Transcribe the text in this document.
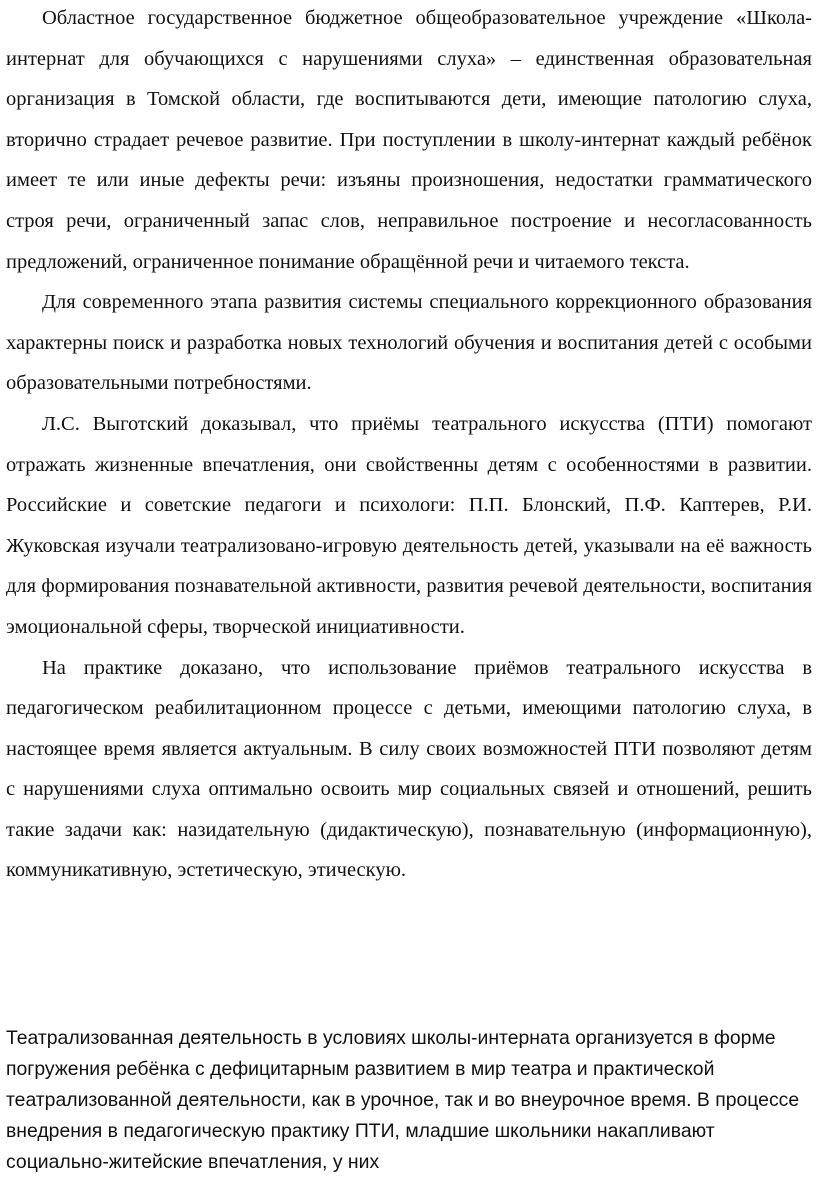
Областное государственное бюджетное общеобразовательное учреждение «Школа-интернат для обучающихся с нарушениями слуха» – единственная образовательная организация в Томской области, где воспитываются дети, имеющие патологию слуха, вторично страдает речевое развитие. При поступлении в школу-интернат каждый ребёнок имеет те или иные дефекты речи: изъяны произношения, недостатки грамматического строя речи, ограниченный запас слов, неправильное построение и несогласованность предложений, ограниченное понимание обращённой речи и читаемого текста.

Для современного этапа развития системы специального коррекционного образования характерны поиск и разработка новых технологий обучения и воспитания детей с особыми образовательными потребностями.

Л.С. Выготский доказывал, что приёмы театрального искусства (ПТИ) помогают отражать жизненные впечатления, они свойственны детям с особенностями в развитии. Российские и советские педагоги и психологи: П.П. Блонский, П.Ф. Каптерев, Р.И. Жуковская изучали театрализовано-игровую деятельность детей, указывали на её важность для формирования познавательной активности, развития речевой деятельности, воспитания эмоциональной сферы, творческой инициативности.

На практике доказано, что использование приёмов театрального искусства в педагогическом реабилитационном процессе с детьми, имеющими патологию слуха, в настоящее время является актуальным. В силу своих возможностей ПТИ позволяют детям с нарушениями слуха оптимально освоить мир социальных связей и отношений, решить такие задачи как: назидательную (дидактическую), познавательную (информационную), коммуникативную, эстетическую, этическую.

Театрализованная деятельность в условиях школы-интерната организуется в форме погружения ребёнка с дефицитарным развитием в мир театра и практической театрализованной деятельности, как в урочное, так и во внеурочное время. В процессе внедрения в педагогическую практику ПТИ, младшие школьники накапливают социально-житейские впечатления, у них
